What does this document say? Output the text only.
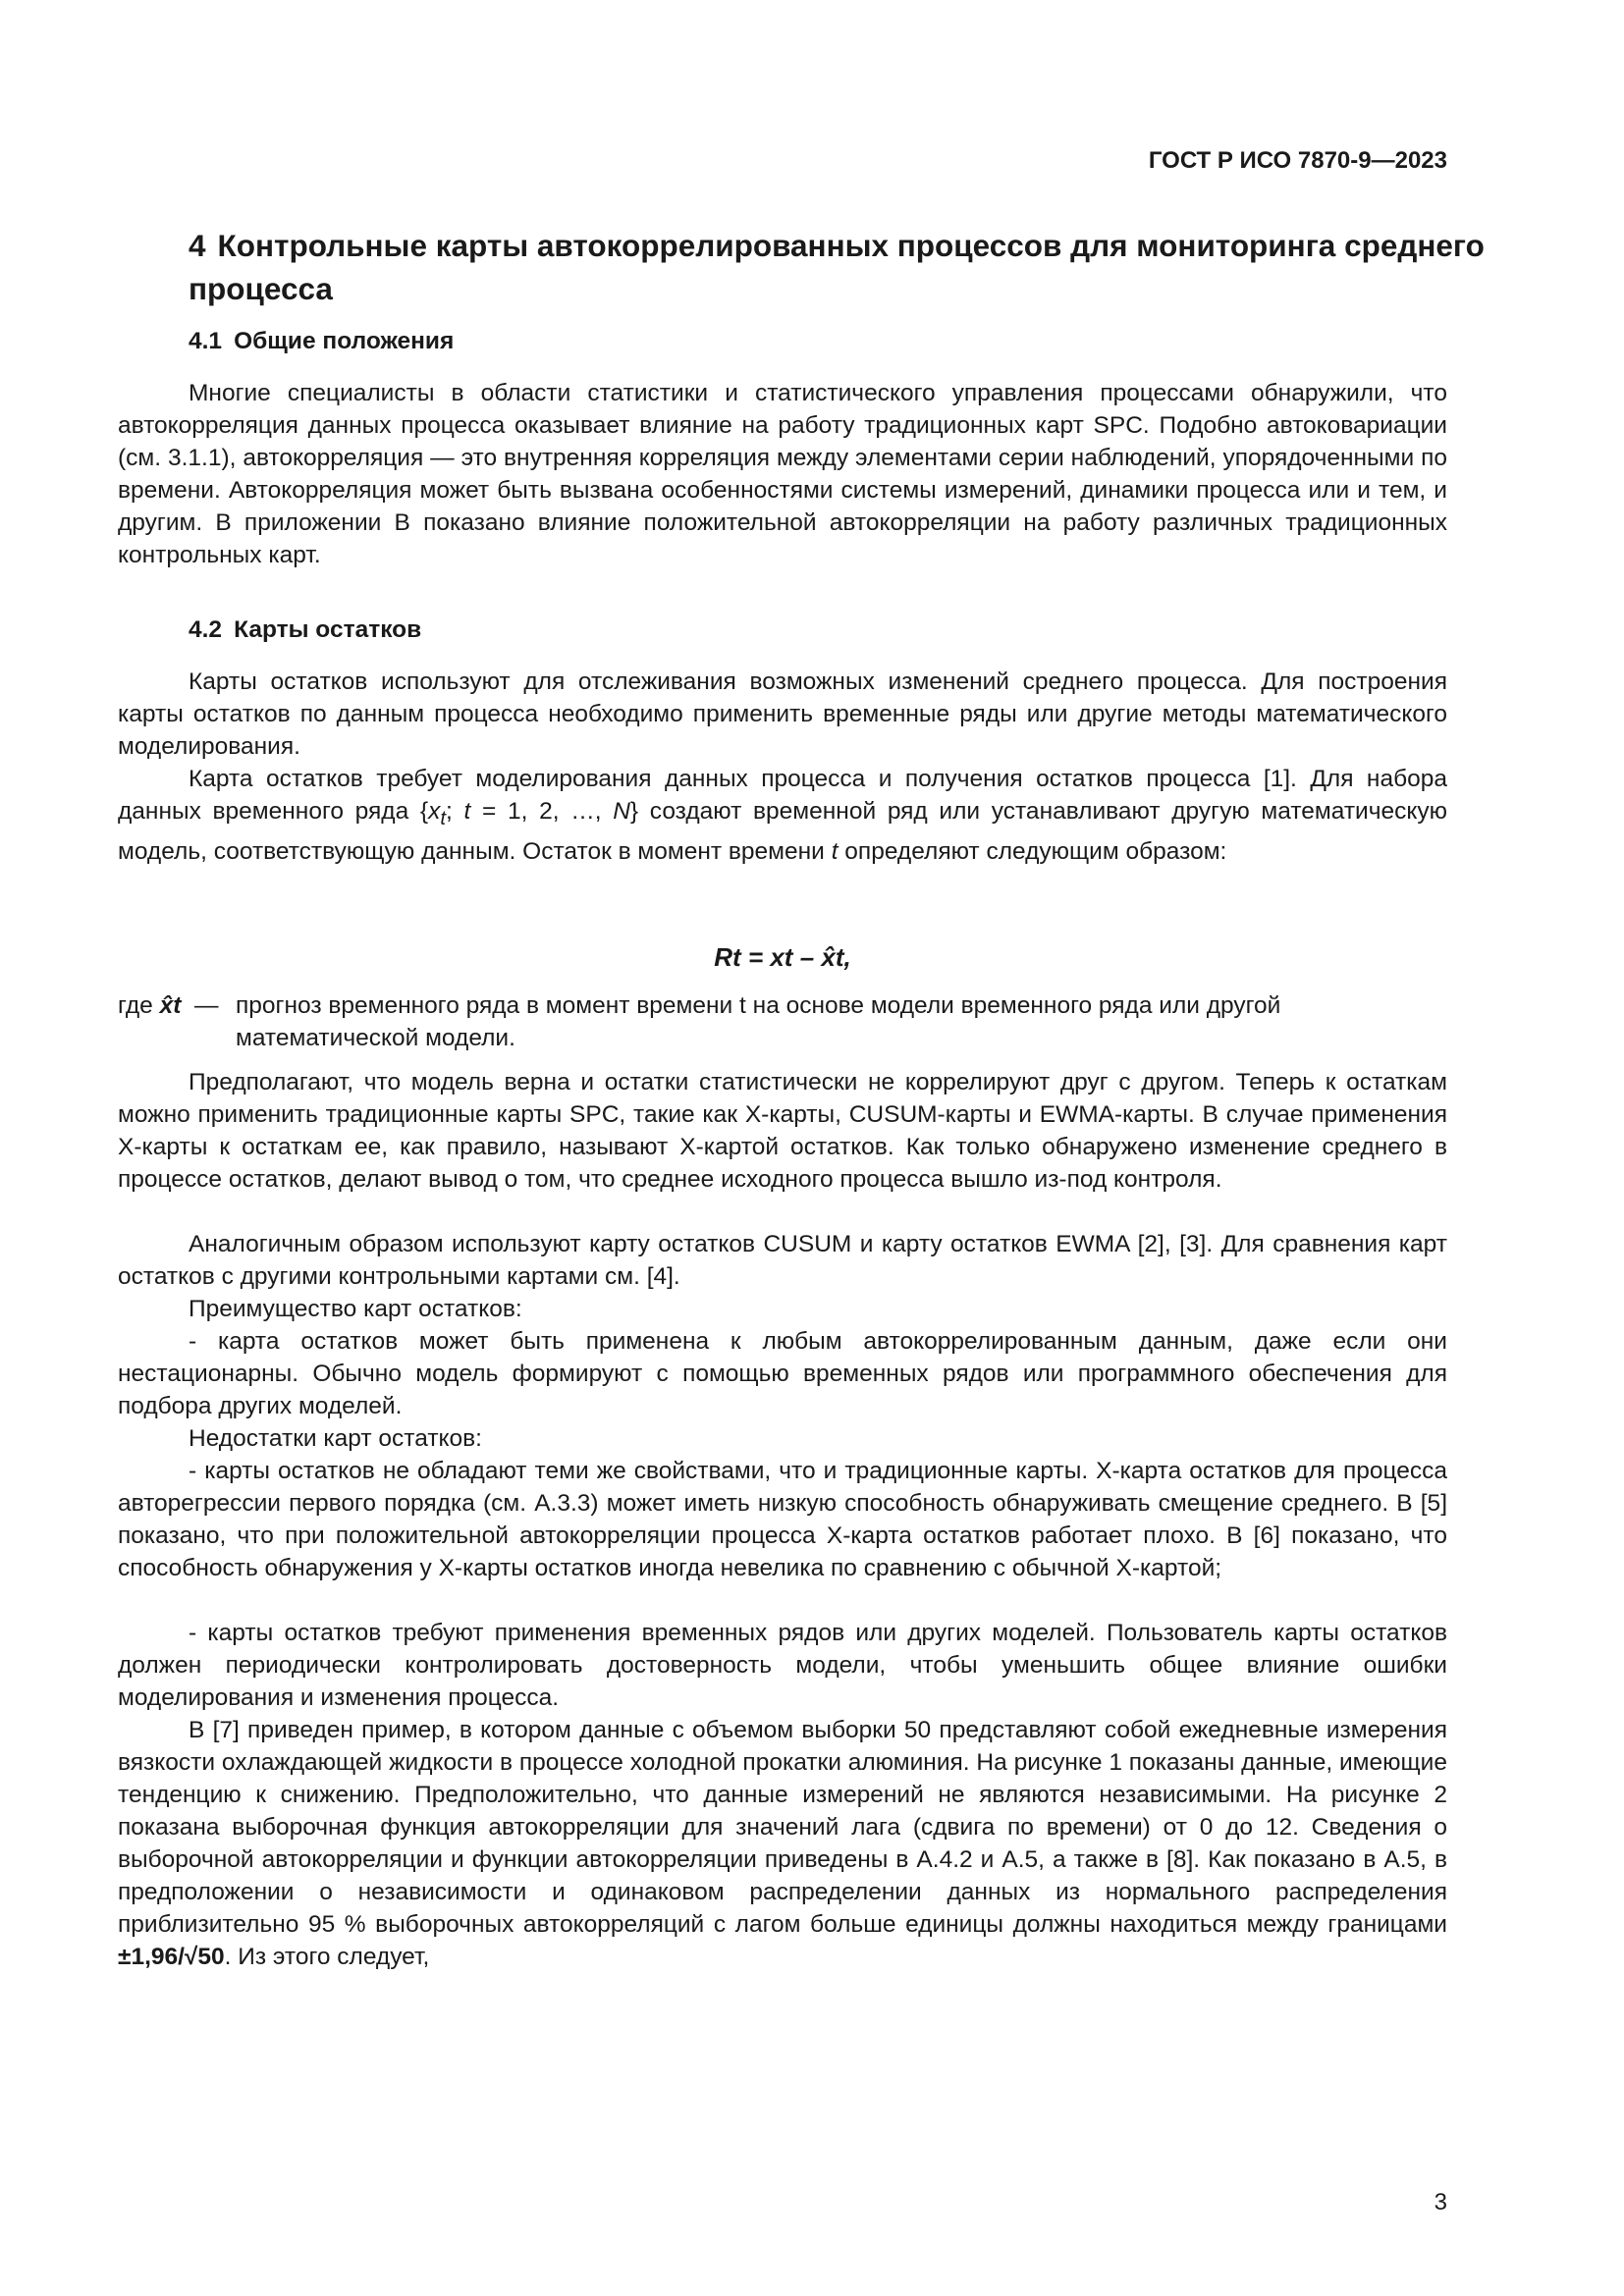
ГОСТ Р ИСО 7870-9—2023
4 Контрольные карты автокоррелированных процессов для мониторинга среднего процесса
4.1 Общие положения
Многие специалисты в области статистики и статистического управления процессами обнаружили, что автокорреляция данных процесса оказывает влияние на работу традиционных карт SPC. Подобно автоковариации (см. 3.1.1), автокорреляция — это внутренняя корреляция между элементами серии наблюдений, упорядоченными по времени. Автокорреляция может быть вызвана особенностями системы измерений, динамики процесса или и тем, и другим. В приложении В показано влияние положительной автокорреляции на работу различных традиционных контрольных карт.
4.2 Карты остатков
Карты остатков используют для отслеживания возможных изменений среднего процесса. Для построения карты остатков по данным процесса необходимо применить временные ряды или другие методы математического моделирования.
Карта остатков требует моделирования данных процесса и получения остатков процесса [1]. Для набора данных временного ряда {$x_t$; t = 1, 2, …, N} создают временной ряд или устанавливают другую математическую модель, соответствующую данным. Остаток в момент времени t определяют следующим образом:
Rt = xt – x̂t,
где x̂t — прогноз временного ряда в момент времени t на основе модели временного ряда или другой математической модели.
Предполагают, что модель верна и остатки статистически не коррелируют друг с другом. Теперь к остаткам можно применить традиционные карты SPC, такие как X-карты, CUSUM-карты и EWMA-карты. В случае применения X-карты к остаткам ее, как правило, называют X-картой остатков. Как только обнаружено изменение среднего в процессе остатков, делают вывод о том, что среднее исходного процесса вышло из-под контроля.
Аналогичным образом используют карту остатков CUSUM и карту остатков EWMA [2], [3]. Для сравнения карт остатков с другими контрольными картами см. [4].
Преимущество карт остатков:
- карта остатков может быть применена к любым автокоррелированным данным, даже если они нестационарны. Обычно модель формируют с помощью временных рядов или программного обеспечения для подбора других моделей.
Недостатки карт остатков:
- карты остатков не обладают теми же свойствами, что и традиционные карты. X-карта остатков для процесса авторегрессии первого порядка (см. А.3.3) может иметь низкую способность обнаруживать смещение среднего. В [5] показано, что при положительной автокорреляции процесса X-карта остатков работает плохо. В [6] показано, что способность обнаружения у X-карты остатков иногда невелика по сравнению с обычной X-картой;
- карты остатков требуют применения временных рядов или других моделей. Пользователь карты остатков должен периодически контролировать достоверность модели, чтобы уменьшить общее влияние ошибки моделирования и изменения процесса.
В [7] приведен пример, в котором данные с объемом выборки 50 представляют собой ежедневные измерения вязкости охлаждающей жидкости в процессе холодной прокатки алюминия. На рисунке 1 показаны данные, имеющие тенденцию к снижению. Предположительно, что данные измерений не являются независимыми. На рисунке 2 показана выборочная функция автокорреляции для значений лага (сдвига по времени) от 0 до 12. Сведения о выборочной автокорреляции и функции автокорреляции приведены в А.4.2 и А.5, а также в [8]. Как показано в А.5, в предположении о независимости и одинаковом распределении данных из нормального распределения приблизительно 95 % выборочных автокорреляций с лагом больше единицы должны находиться между границами ±1,96/√50. Из этого следует,
3
